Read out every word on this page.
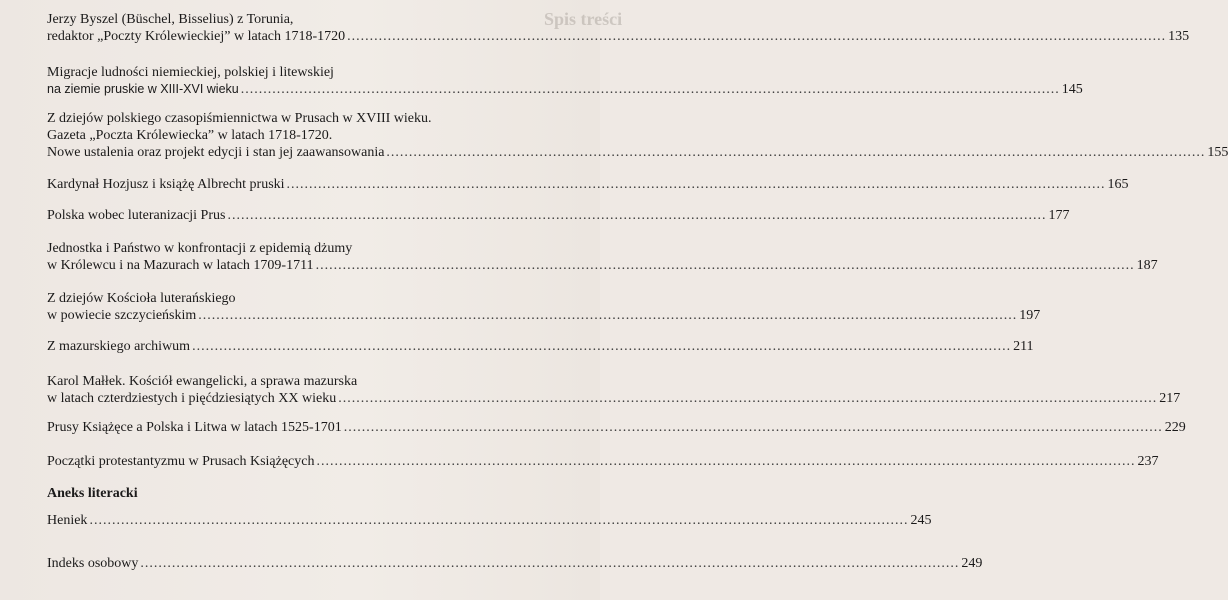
Spis treści
Jerzy Byszel (Büschel, Bisselius) z Torunia,
redaktor „Poczty Królewieckiej” w latach 1718-1720 .....	135
Migracje ludności niemieckiej, polskiej i litewskiej
na ziemie pruskie w XIII-XVI wieku .....	145
Z dziejów polskiego czasopiśmiennictwa w Prusach w XVIII wieku.
Gazeta „Poczta Królewiecka” w latach 1718-1720.
Nowe ustalenia oraz projekt edycji i stan jej zaawansowania .....	155
Kardynał Hozjusz i książę Albrecht pruski .....	165
Polska wobec luteranizacji Prus .....	177
Jednostka i Państwo w konfrontacji z epidemią dżumy
w Królewcu i na Mazurach w latach 1709-1711 .....	187
Z dziejów Kościoła luterańskiego
w powiecie szczycieńskim .....	197
Z mazurskiego archiwum .....	211
Karol Małłek. Kościół ewangelicki, a sprawa mazurska
w latach czterdziestych i pięćdziesiątych XX wieku .....	217
Prusy Książęce a Polska i Litwa w latach 1525-1701 .....	229
Początki protestantyzmu w Prusach Książęcych .....	237
Aneks literacki
Heniek .....	245
Indeks osobowy .....	249
